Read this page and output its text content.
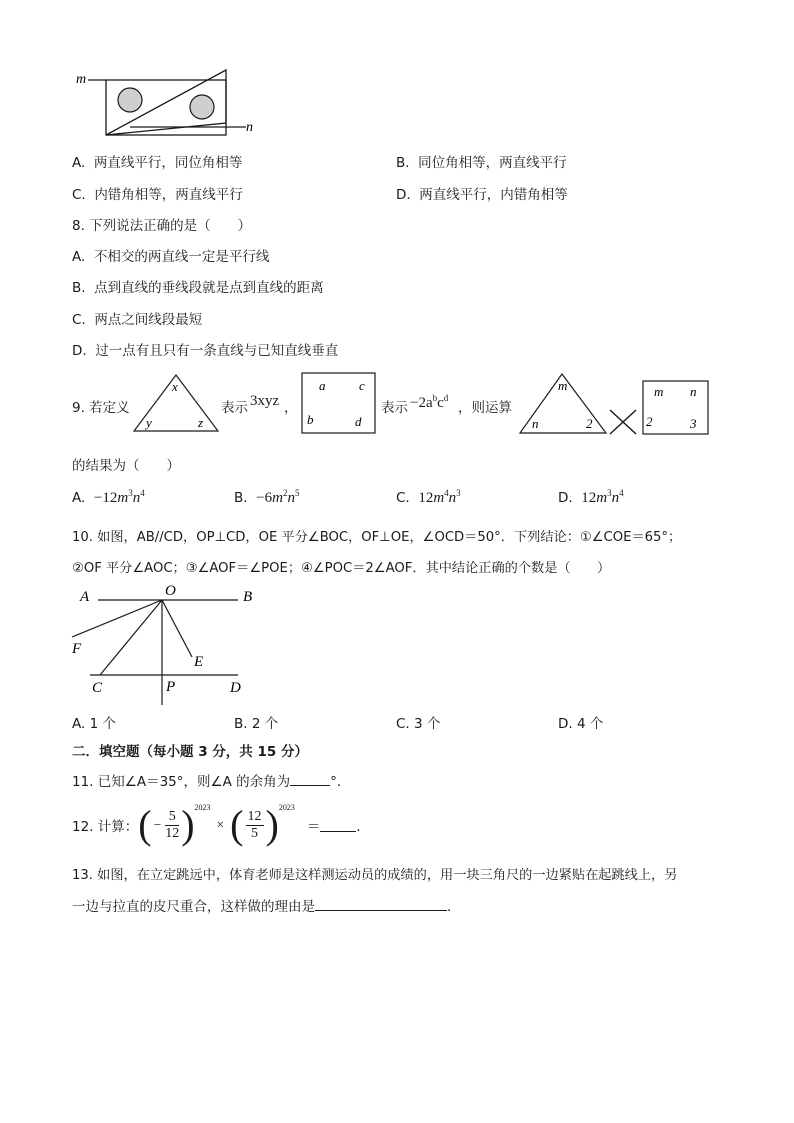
m
n
A. 两直线平行，同位角相等	B. 同位角相等，两直线平行
C. 内错角相等，两直线平行	D. 两直线平行，内错角相等
8. 下列说法正确的是（　　）
A. 不相交的两直线一定是平行线
B. 点到直线的垂线段就是点到直线的距离
C. 两点之间线段最短
D. 过一点有且只有一条直线与已知直线垂直
9. 若定义
x
y	z
表示 3xyz ，
a	c
b	d
表示 $-2a^bc^d$
，则运算
m
n	2
m n
2	3
的结果为（　　）
A. $-12m^3n^4$	B. $-6m^2n^5$	C. $12m^4n^3$	D. $12m^3n^4$
10. 如图，AB//CD，OP⊥CD，OE 平分∠BOC，OF⊥OE，∠OCD＝50°．下列结论：①∠COE＝65°；
②OF 平分∠AOC；③∠AOF＝∠POE；④∠POC＝2∠AOF．其中结论正确的个数是（　　）
A	O	B
F
E
C	P	D
A. 1 个	B. 2 个	C. 3 个	D. 4 个
二．填空题（每小题 3 分，共 15 分）
11. 已知∠A＝35°，则∠A 的余角为	°．
12. 计算： ( − $\frac{5}{12}$ ) 2023
× ( $\frac{12}{5}$ ) 2023
＝	．
13. 如图，在立定跳远中，体育老师是这样测运动员的成绩的，用一块三角尺的一边紧贴在起跳线上，另
一边与拉直的皮尺重合，这样做的理由是	．
